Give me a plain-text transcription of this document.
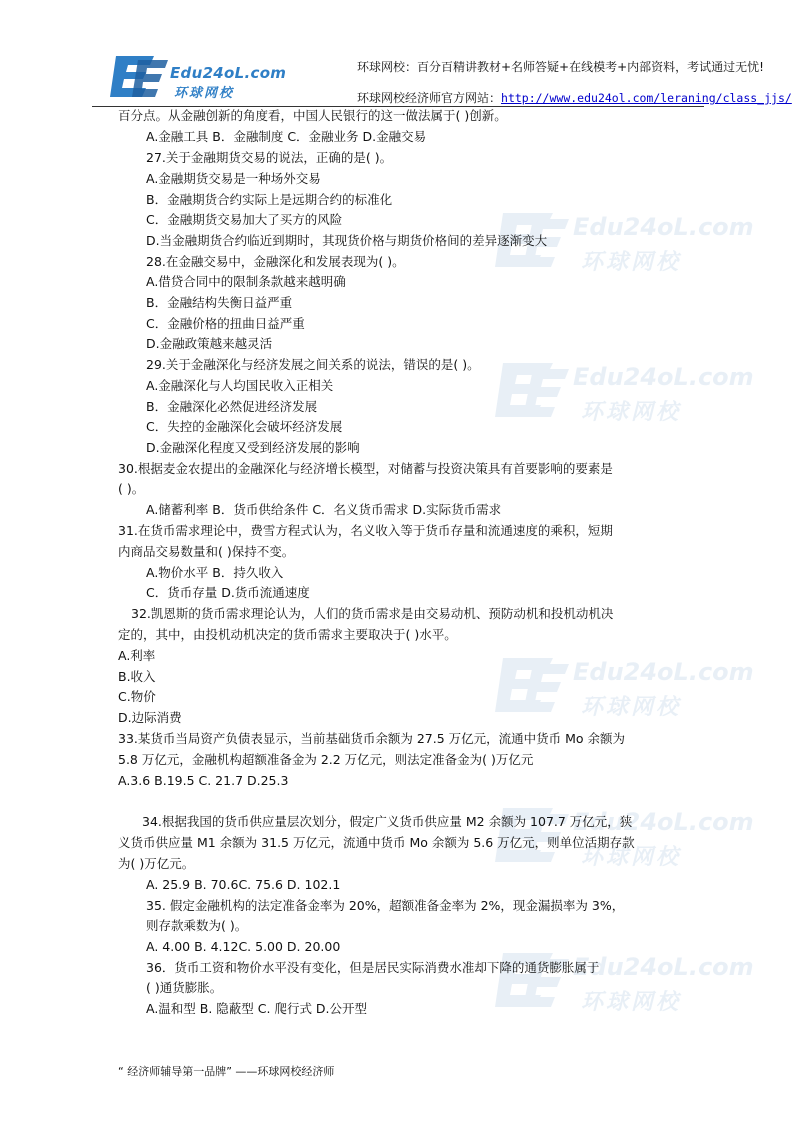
Edu24oL.com
环球网校
Edu24oL.com
环球网校
Edu24oL.com
环球网校
Edu24oL.com
环球网校
Edu24oL.com
环球网校
Edu24oL.com
环球网校
环球网校：百分百精讲教材+名师答疑+在线模考+内部资料，考试通过无忧!
环球网校经济师官方网站：http://www.edu24ol.com/leraning/class_jjs/
百分点。从金融创新的角度看，中国人民银行的这一做法属于( )创新。
A.金融工具 B．金融制度 C．金融业务 D.金融交易
27.关于金融期货交易的说法，正确的是( )。
A.金融期货交易是一种场外交易
B．金融期货合约实际上是远期合约的标准化
C．金融期货交易加大了买方的风险
D.当金融期货合约临近到期时，其现货价格与期货价格间的差异逐渐变大
28.在金融交易中，金融深化和发展表现为( )。
A.借贷合同中的限制条款越来越明确
B．金融结构失衡日益严重
C．金融价格的扭曲日益严重
D.金融政策越来越灵活
29.关于金融深化与经济发展之间关系的说法，错误的是( )。
A.金融深化与人均国民收入正相关
B．金融深化必然促进经济发展
C．失控的金融深化会破坏经济发展
D.金融深化程度又受到经济发展的影响
30.根据麦金农提出的金融深化与经济增长模型，对储蓄与投资决策具有首要影响的要素是
( )。
A.储蓄利率 B．货币供给条件 C．名义货币需求 D.实际货币需求
31.在货币需求理论中，费雪方程式认为，名义收入等于货币存量和流通速度的乘积，短期
内商品交易数量和( )保持不变。
A.物价水平 B．持久收入
C．货币存量 D.货币流通速度
32.凯恩斯的货币需求理论认为，人们的货币需求是由交易动机、预防动机和投机动机决
定的，其中，由投机动机决定的货币需求主要取决于( )水平。
A.利率
B.收入
C.物价
D.边际消费
33.某货币当局资产负债表显示，当前基础货币余额为 27.5 万亿元，流通中货币 Mo 余额为
5.8 万亿元，金融机构超额准备金为 2.2 万亿元，则法定准备金为( )万亿元
A.3.6 B.19.5 C. 21.7 D.25.3
34.根据我国的货币供应量层次划分，假定广义货币供应量 M2 余额为 107.7 万亿元，狭
义货币供应量 M1 余额为 31.5 万亿元，流通中货币 Mo 余额为 5.6 万亿元，则单位活期存款
为( )万亿元。
A. 25.9 B. 70.6C. 75.6 D. 102.1
35. 假定金融机构的法定准备金率为 20%，超额准备金率为 2%，现金漏损率为 3%，
则存款乘数为( )。
A. 4.00 B. 4.12C. 5.00 D. 20.00
36．货币工资和物价水平没有变化，但是居民实际消费水准却下降的通货膨胀属于
( )通货膨胀。
A.温和型 B. 隐蔽型 C. 爬行式 D.公开型
“ 经济师辅导第一品牌” ——环球网校经济师
